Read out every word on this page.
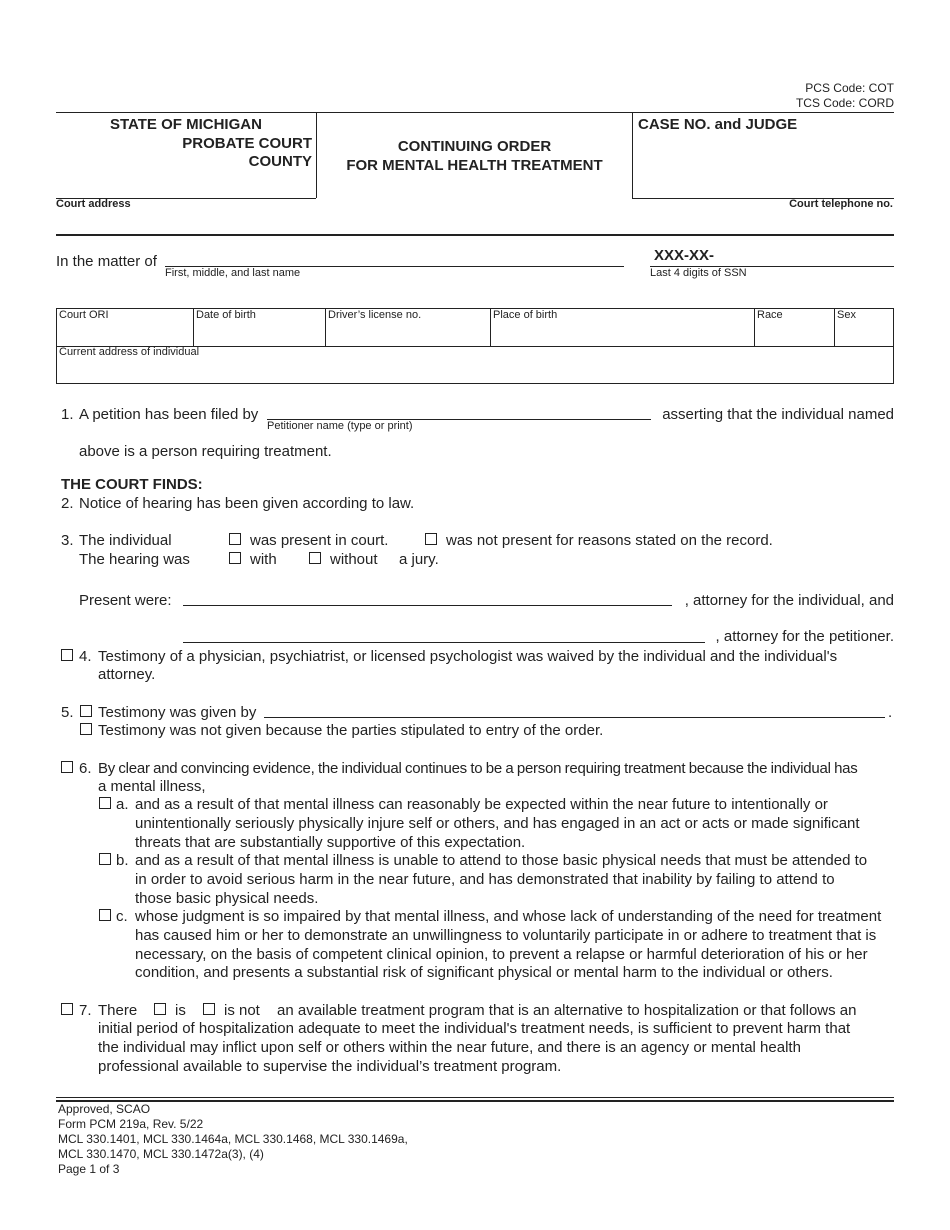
PCS Code: COT
TCS Code: CORD
STATE OF MICHIGAN
PROBATE COURT
COUNTY
CONTINUING ORDER
FOR MENTAL HEALTH TREATMENT
CASE NO. and JUDGE
Court address	Court telephone no.
In the matter of
First, middle, and last name
XXX-XX-
Last 4 digits of SSN
Court ORI	Date of birth	Driver’s license no.	Place of birth	Race	Sex
Current address of individual
1. A petition has been filed by
Petitioner name (type or print)
asserting that the individual named
above is a person requiring treatment.
THE COURT FINDS:
2. Notice of hearing has been given according to law.
3. The individual	was present in court.	was not present for reasons stated on the record.
The hearing was	with	without a jury.
Present were:	, attorney for the individual, and
, attorney for the petitioner.
4. Testimony of a physician, psychiatrist, or licensed psychologist was waived by the individual and the individual's
attorney.
5. Testimony was given by	.
Testimony was not given because the parties stipulated to entry of the order.
6. By clear and convincing evidence, the individual continues to be a person requiring treatment because the individual has
a mental illness,
a. and as a result of that mental illness can reasonably be expected within the near future to intentionally or
unintentionally seriously physically injure self or others, and has engaged in an act or acts or made significant
threats that are substantially supportive of this expectation.
b. and as a result of that mental illness is unable to attend to those basic physical needs that must be attended to
in order to avoid serious harm in the near future, and has demonstrated that inability by failing to attend to
those basic physical needs.
c. whose judgment is so impaired by that mental illness, and whose lack of understanding of the need for treatment
has caused him or her to demonstrate an unwillingness to voluntarily participate in or adhere to treatment that is
necessary, on the basis of competent clinical opinion, to prevent a relapse or harmful deterioration of his or her
condition, and presents a substantial risk of significant physical or mental harm to the individual or others.
7. There	is	is not an available treatment program that is an alternative to hospitalization or that follows an
initial period of hospitalization adequate to meet the individual's treatment needs, is sufficient to prevent harm that
the individual may inflict upon self or others within the near future, and there is an agency or mental health
professional available to supervise the individual’s treatment program.
Approved, SCAO
Form PCM 219a, Rev. 5/22
MCL 330.1401, MCL 330.1464a, MCL 330.1468, MCL 330.1469a,
MCL 330.1470, MCL 330.1472a(3), (4)
Page 1 of 3
